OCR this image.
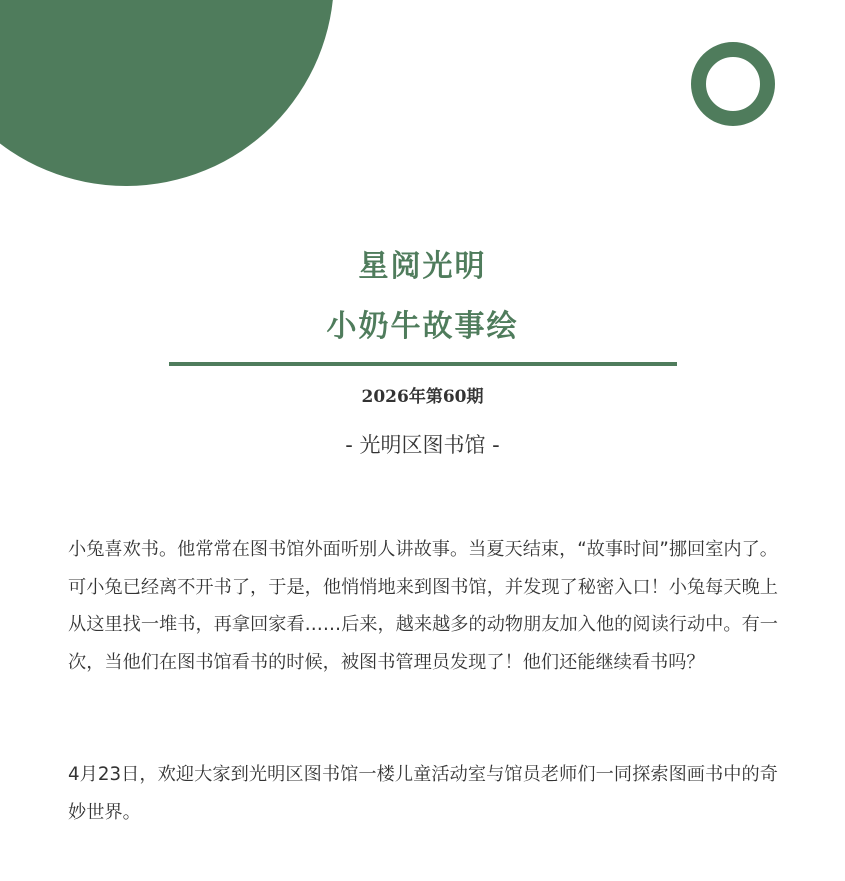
星阅光明
小奶牛故事绘
2026年第60期
- 光明区图书馆 -

小兔喜欢书。他常常在图书馆外面听别人讲故事。当夏天结束，“故事时间”挪回室内了。可小兔已经离不开书了，于是，他悄悄地来到图书馆，并发现了秘密入口！小兔每天晚上从这里找一堆书，再拿回家看……后来，越来越多的动物朋友加入他的阅读行动中。有一次，当他们在图书馆看书的时候，被图书管理员发现了！他们还能继续看书吗？

4月23日，欢迎大家到光明区图书馆一楼儿童活动室与馆员老师们一同探索图画书中的奇妙世界。
